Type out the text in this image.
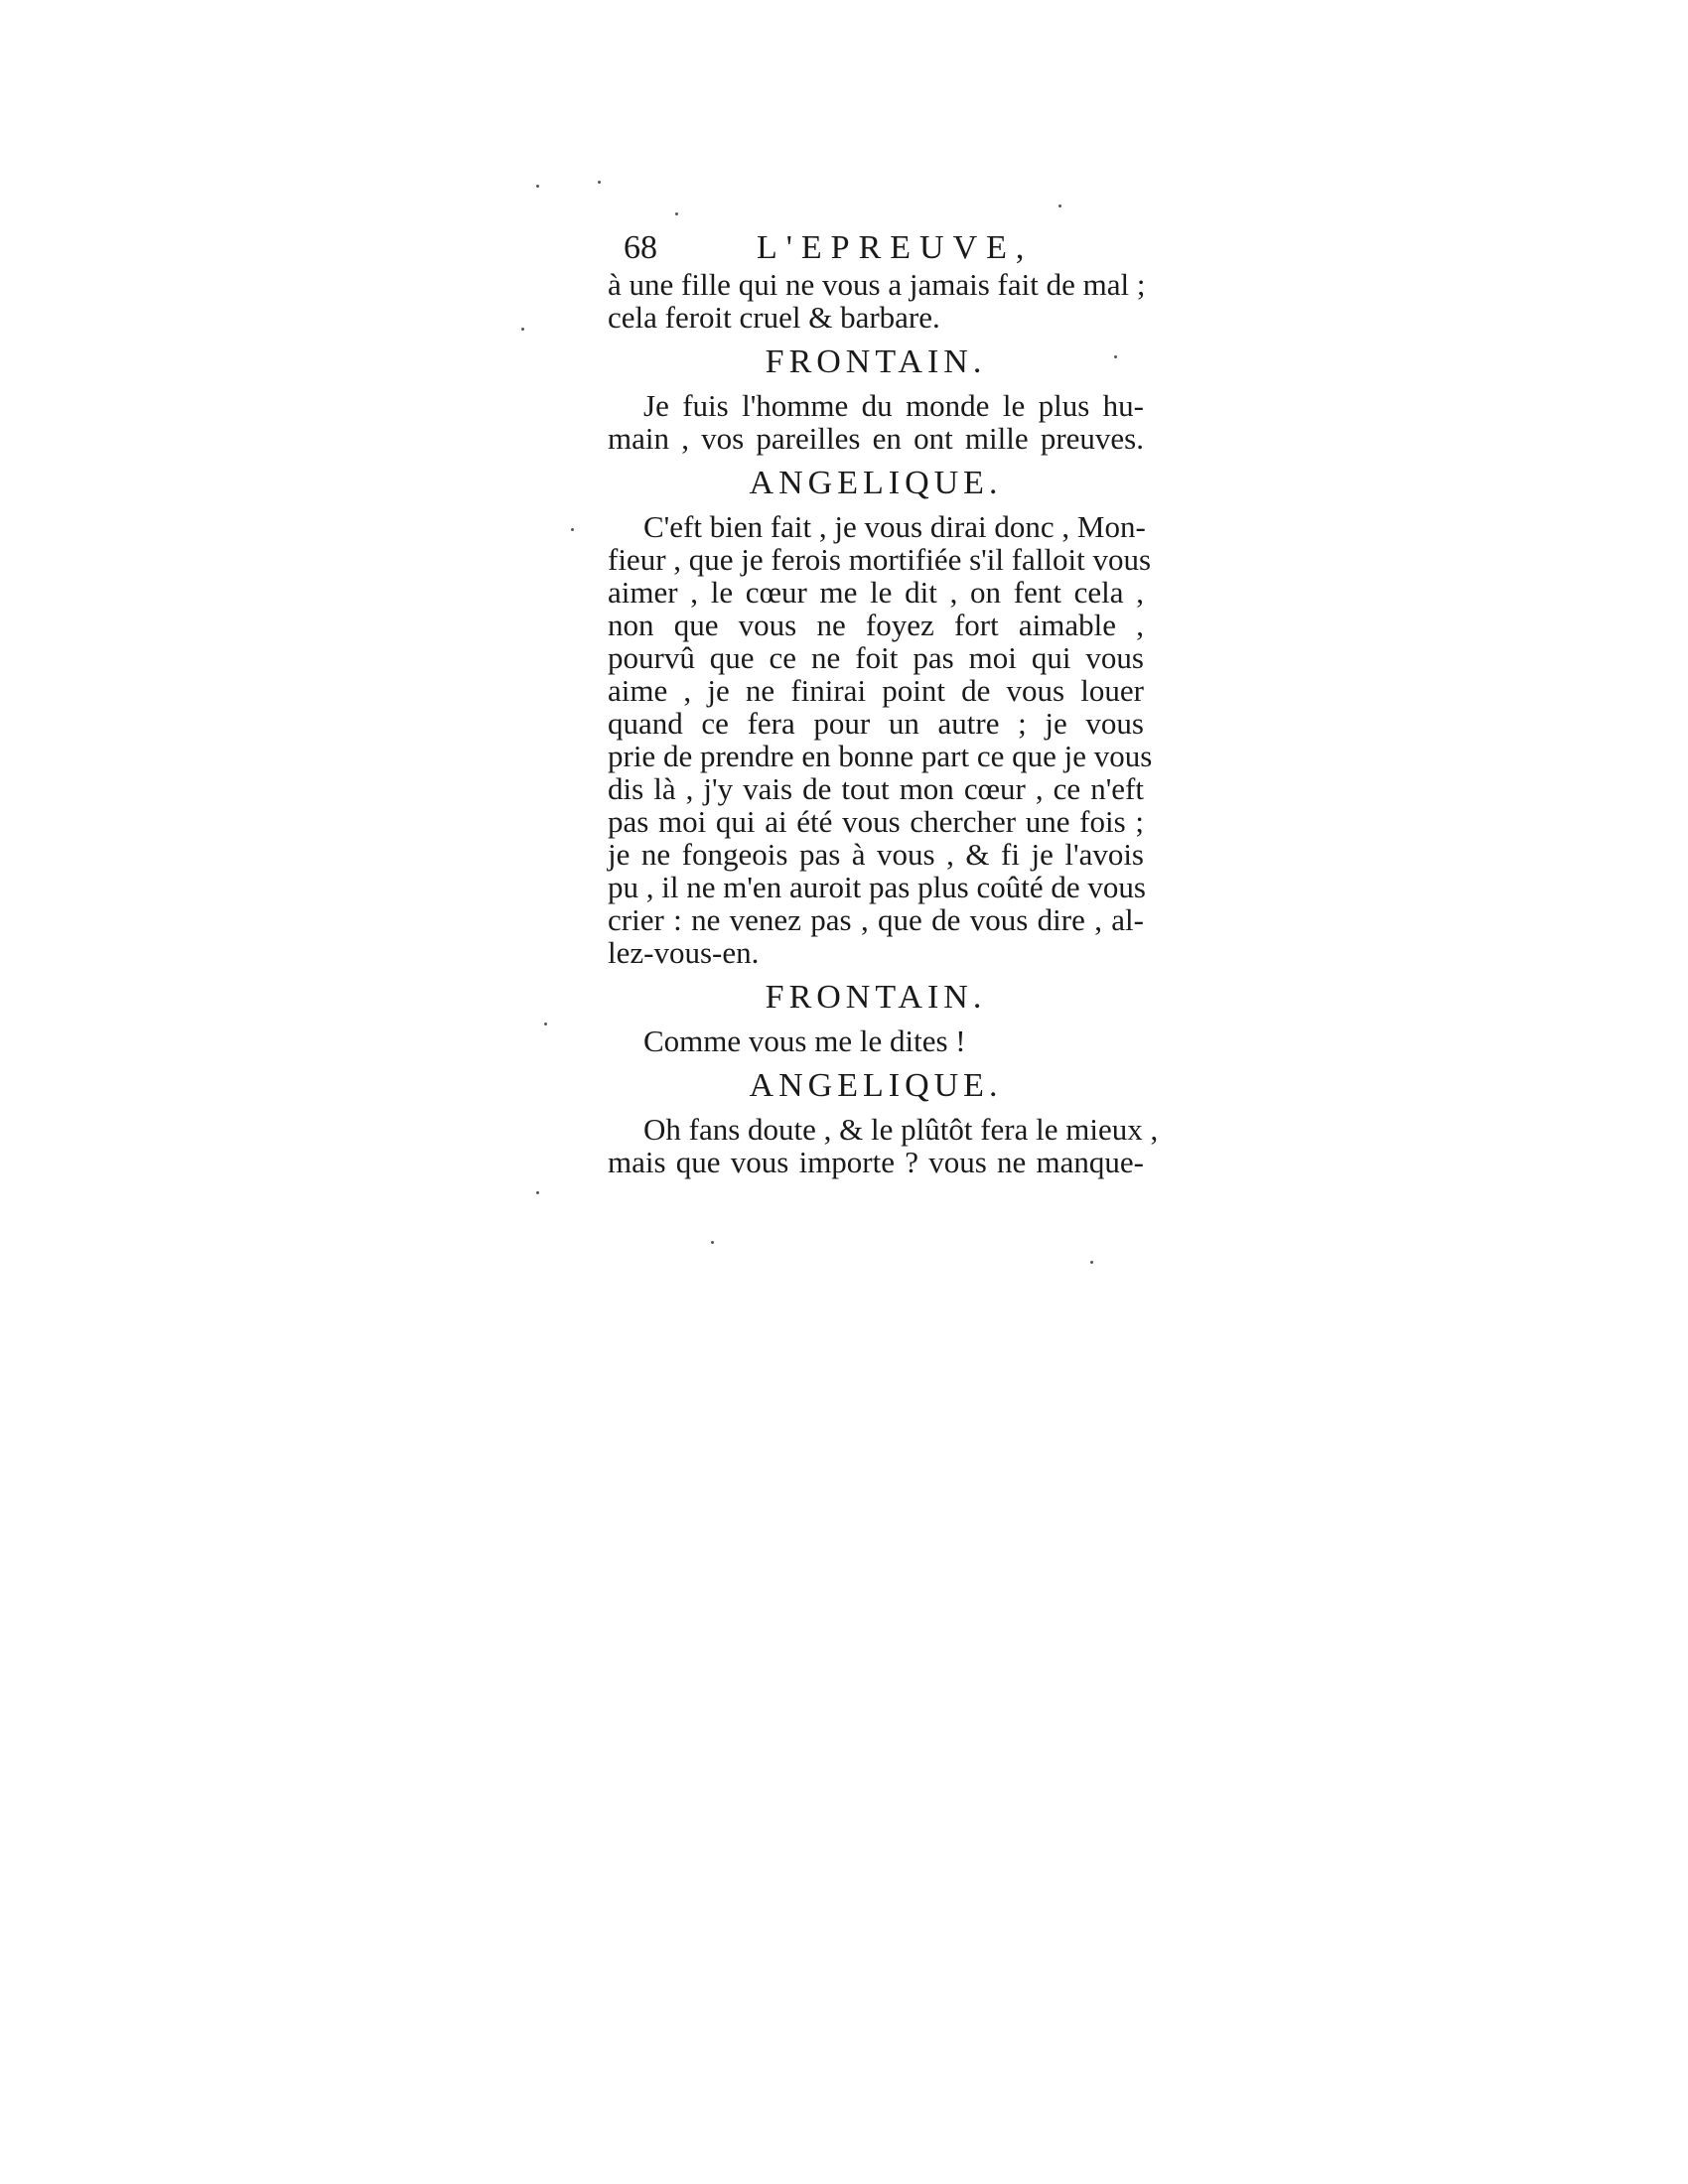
68	L'EPREUVE,
à une fille qui ne vous a jamais fait de mal ;
cela feroit cruel & barbare.
FRONTAIN.
Je fuis l'homme du monde le plus hu-
main , vos pareilles en ont mille preuves.
ANGELIQUE.
C'eft bien fait , je vous dirai donc , Mon-
fieur , que je ferois mortifiée s'il falloit vous
aimer , le cœur me le dit , on fent cela ,
non que vous ne foyez fort aimable ,
pourvû que ce ne foit pas moi qui vous
aime , je ne finirai point de vous louer
quand ce fera pour un autre ; je vous
prie de prendre en bonne part ce que je vous
dis là , j'y vais de tout mon cœur , ce n'eft
pas moi qui ai été vous chercher une fois ;
je ne fongeois pas à vous , & fi je l'avois
pu , il ne m'en auroit pas plus coûté de vous
crier : ne venez pas , que de vous dire , al-
lez-vous-en.
FRONTAIN.
Comme vous me le dites !
ANGELIQUE.
Oh fans doute , & le plûtôt fera le mieux ,
mais que vous importe ? vous ne manque-
